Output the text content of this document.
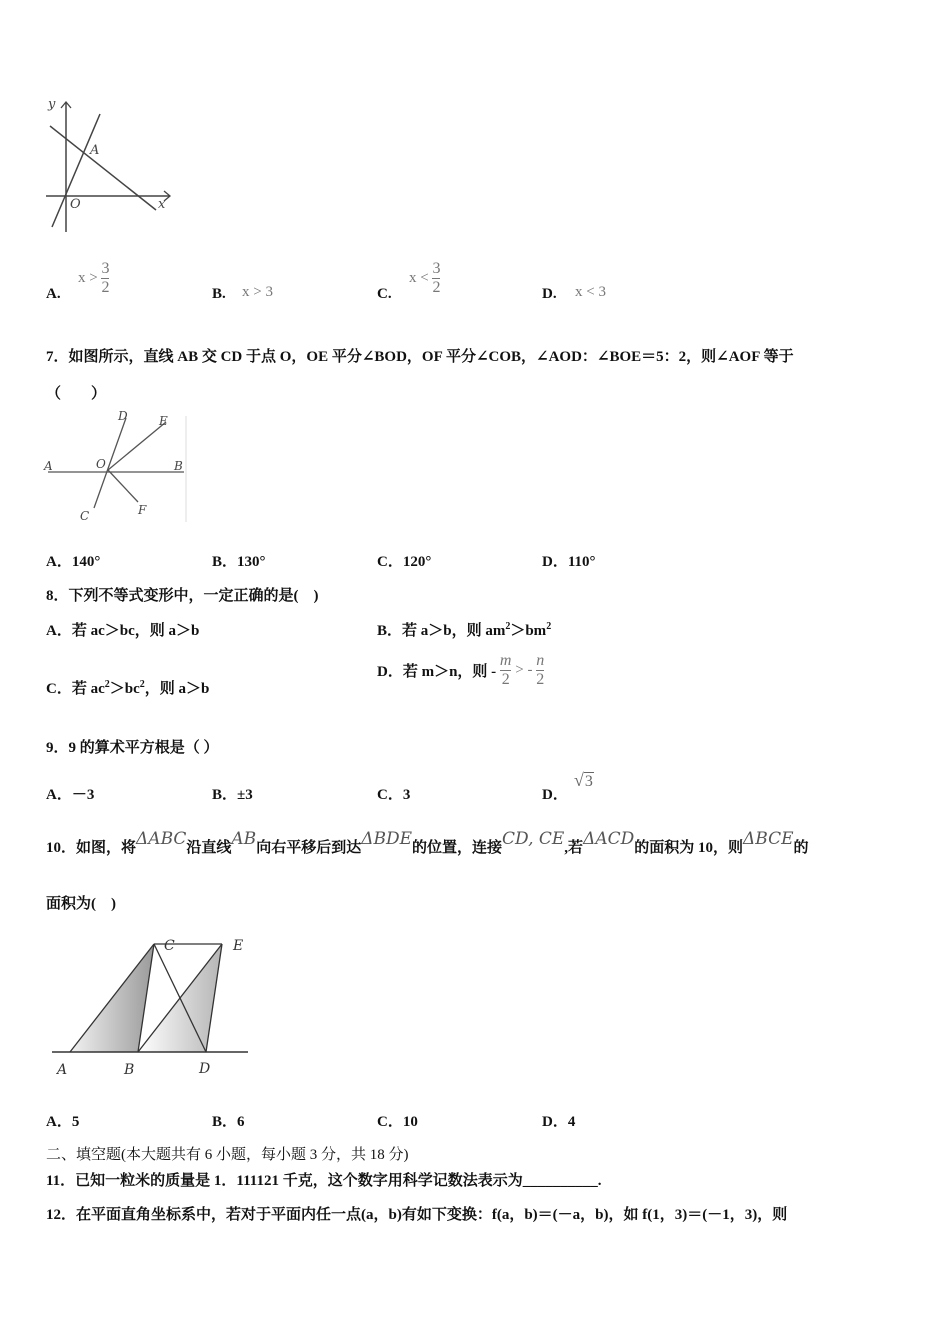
y
x
O
A
A.
$x > \frac{3}{2}$	B. x > 3	C.
$x < \frac{3}{2}$	D. x < 3
7．如图所示，直线 AB 交 CD 于点 O，OE 平分∠BOD，OF 平分∠COB，∠AOD：∠BOE＝5：2，则∠AOF 等于
（　　）
A	B
C
D	E
F
O
A．140°	B．130°	C．120°	D．110°
8．下列不等式变形中，一定正确的是(　)
A．若 ac＞bc，则 a＞b	B．若 a＞b，则 $am^2>bm^2$
C．若 $ac^2>bc^2$，则 a＞b
D．若 m＞n，则 - $\frac{m}{2}$ > - $\frac{n}{2}$
9．9 的算术平方根是（ ）
A．－3	B．±3	C．3	D．
√3
10．如图，将ΔABC沿直线AB向右平移后到达ΔBDE的位置，连接CD, CE,若ΔACD的面积为 10，则ΔBCE的
面积为(　)
A	B
C
D
E
A．5	B．6	C．10	D．4
二、填空题(本大题共有 6 小题，每小题 3 分，共 18 分)
11．已知一粒米的质量是 1．111121 千克，这个数字用科学记数法表示为__________.
12．在平面直角坐标系中，若对于平面内任一点(a，b)有如下变换：f(a，b)＝(－a，b)，如 f(1，3)＝(－1，3)，则
